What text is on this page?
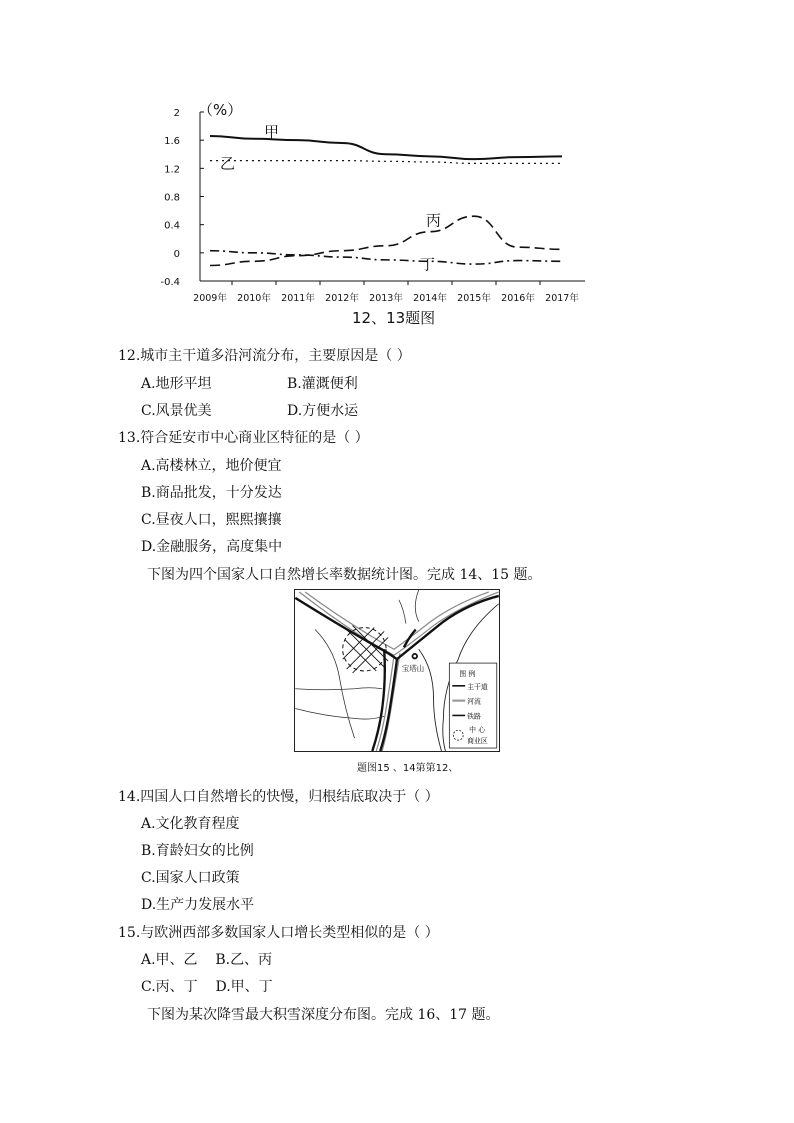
（%）
2
1.6
1.2
0.8
0.4
0
-0.4
2009年 2010年 2011年 2012年 2013年 2014年 2015年 2016年 2017年
甲
乙
丙
丁
12、13题图
12.城市主干道多沿河流分布，主要原因是（ ）
A.地形平坦	B.灌溉便利
C.风景优美	D.方便水运
13.符合延安市中心商业区特征的是（ ）
A.高楼林立，地价便宜
B.商品批发，十分发达
C.昼夜人口，熙熙攘攘
D.金融服务，高度集中
下图为四个国家人口自然增长率数据统计图。完成 14、15 题。
宝塔山
图 例
主干道
河流
铁路
中 心
商业区
题图15 、14第第12、
14.四国人口自然增长的快慢，归根结底取决于（ ）
A.文化教育程度
B.育龄妇女的比例
C.国家人口政策
D.生产力发展水平
15.与欧洲西部多数国家人口增长类型相似的是（ ）
A.甲、乙    B.乙、丙
C.丙、丁    D.甲、丁
下图为某次降雪最大积雪深度分布图。完成 16、17 题。
